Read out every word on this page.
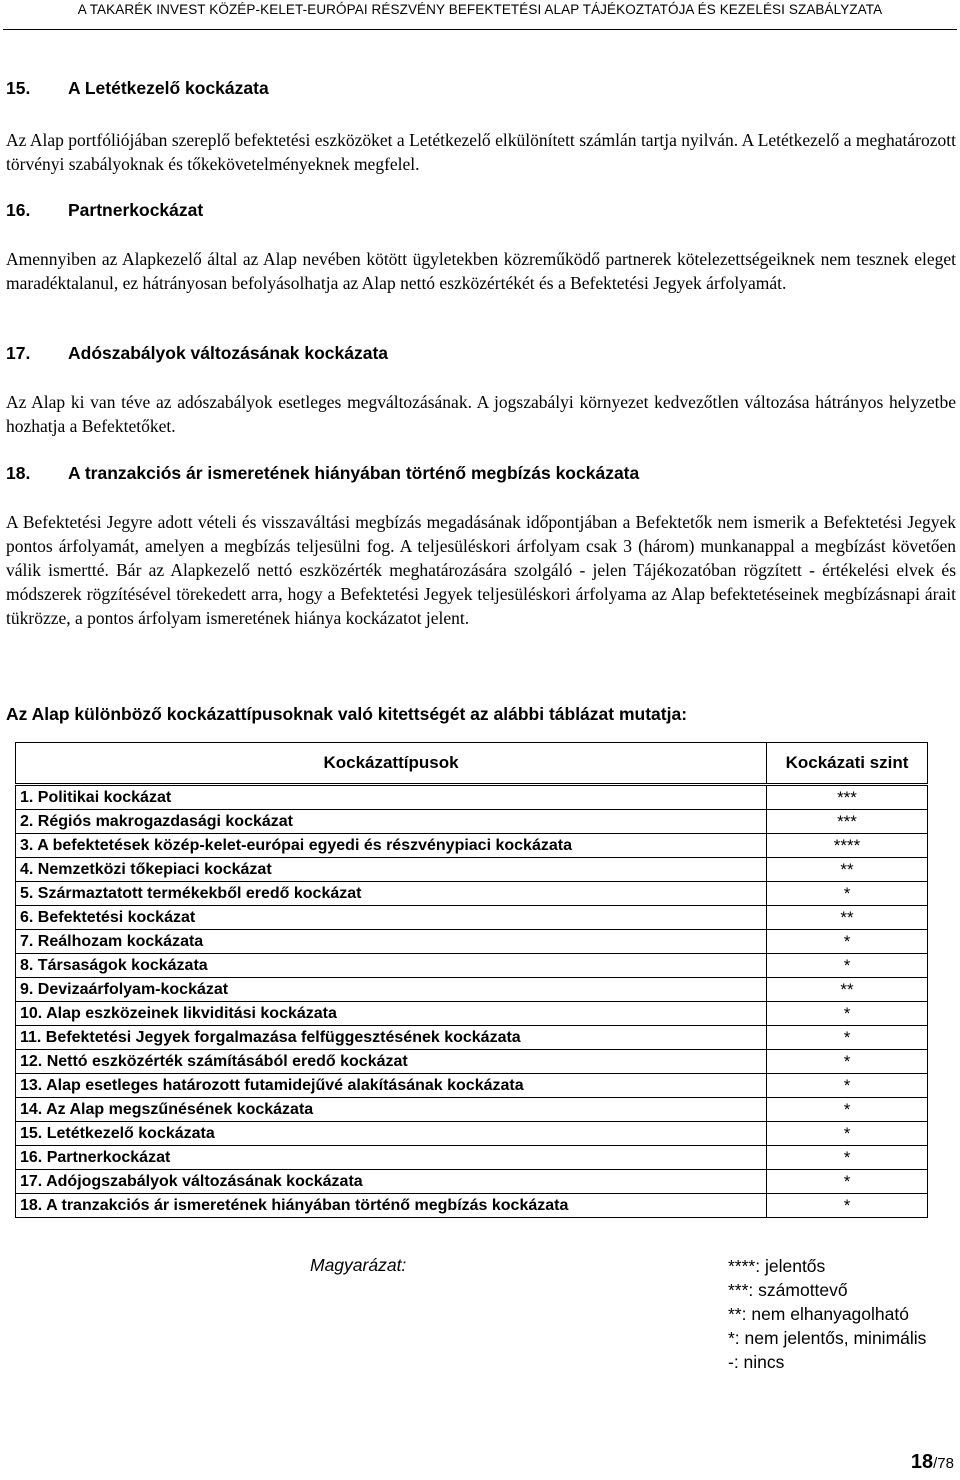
A TAKARÉK INVEST KÖZÉP-KELET-EURÓPAI RÉSZVÉNY BEFEKTETÉSI ALAP TÁJÉKOZTATÓJA ÉS KEZELÉSI SZABÁLYZATA
15. A Letétkezelő kockázata

Az Alap portfóliójában szereplő befektetési eszközöket a Letétkezelő elkülönített számlán tartja nyilván. A Letétkezelő a meghatározott törvényi szabályoknak és tőkekövetelményeknek megfelel.

16. Partnerkockázat

Amennyiben az Alapkezelő által az Alap nevében kötött ügyletekben közreműködő partnerek kötelezettségeiknek nem tesznek eleget maradéktalanul, ez hátrányosan befolyásolhatja az Alap nettó eszközértékét és a Befektetési Jegyek árfolyamát.

17. Adószabályok változásának kockázata

Az Alap ki van téve az adószabályok esetleges megváltozásának. A jogszabályi környezet kedvezőtlen változása hátrányos helyzetbe hozhatja a Befektetőket.

18. A tranzakciós ár ismeretének hiányában történő megbízás kockázata

A Befektetési Jegyre adott vételi és visszaváltási megbízás megadásának időpontjában a Befektetők nem ismerik a Befektetési Jegyek pontos árfolyamát, amelyen a megbízás teljesülni fog. A teljesüléskori árfolyam csak 3 (három) munkanappal a megbízást követően válik ismertté. Bár az Alapkezelő nettó eszközérték meghatározására szolgáló - jelen Tájékozatóban rögzített - értékelési elvek és módszerek rögzítésével törekedett arra, hogy a Befektetési Jegyek teljesüléskori árfolyama az Alap befektetéseinek megbízásnapi árait tükrözze, a pontos árfolyam ismeretének hiánya kockázatot jelent.

Az Alap különböző kockázattípusoknak való kitettségét az alábbi táblázat mutatja:
Kockázattípusok	Kockázati szint
1. Politikai kockázat	***
2. Régiós makrogazdasági kockázat	***
3. A befektetések közép-kelet-európai egyedi és részvénypiaci kockázata	****
4. Nemzetközi tőkepiaci kockázat	**
5. Származtatott termékekből eredő kockázat	*
6. Befektetési kockázat	**
7. Reálhozam kockázata	*
8. Társaságok kockázata	*
9. Devizaárfolyam-kockázat	**
10. Alap eszközeinek likviditási kockázata	*
11. Befektetési Jegyek forgalmazása felfüggesztésének kockázata	*
12. Nettó eszközérték számításából eredő kockázat	*
13. Alap esetleges határozott futamidejűvé alakításának kockázata	*
14. Az Alap megszűnésének kockázata	*
15. Letétkezelő kockázata	*
16. Partnerkockázat	*
17. Adójogszabályok változásának kockázata	*
18. A tranzakciós ár ismeretének hiányában történő megbízás kockázata	*
Magyarázat:	****: jelentős
***: számottevő
**: nem elhanyagolható
*: nem jelentős, minimális
-: nincs
18/78
